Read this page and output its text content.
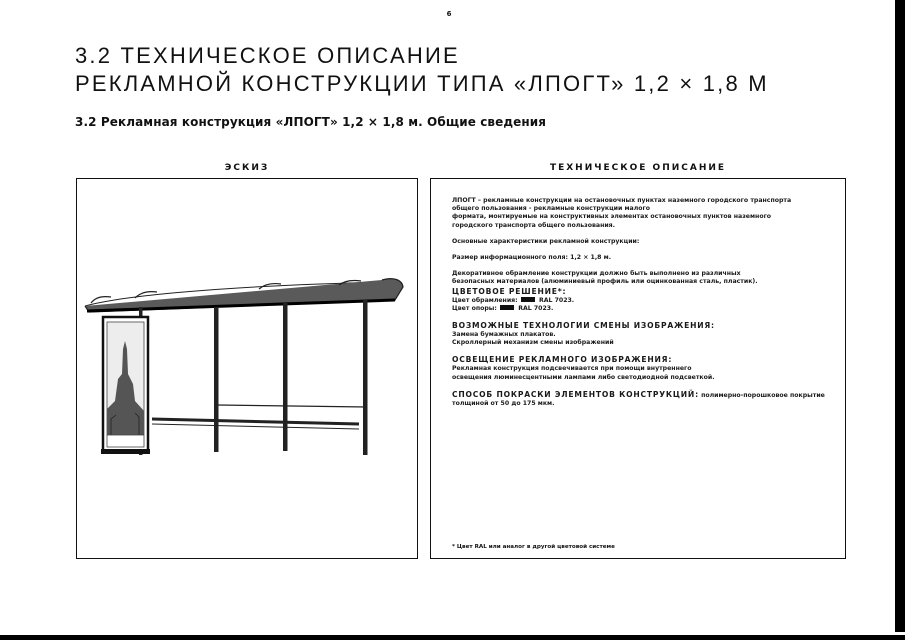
6
3.2 ТЕХНИЧЕСКОЕ ОПИСАНИЕ
РЕКЛАМНОЙ КОНСТРУКЦИИ ТИПА «ЛПОГТ» 1,2 × 1,8 М
3.2 Рекламная конструкция «ЛПОГТ» 1,2 × 1,8 м. Общие сведения
ЭСКИЗ	ТЕХНИЧЕСКОЕ ОПИСАНИЕ

ЛПОГТ – рекламные конструкции на остановочных пунктах наземного городского транспорта

общего пользования - рекламные конструкции малого

формата, монтируемые на конструктивных элементах остановочных пунктов наземного

городского транспорта общего пользования.

Основные характеристики рекламной конструкции:

Размер информационного поля: 1,2 × 1,8 м.

Декоративное обрамление конструкции должно быть выполнено из различных

безопасных материалов (алюминиевый профиль или оцинкованная сталь, пластик).

ЦВЕТОВОЕ РЕШЕНИЕ*:

Цвет обрамления:	RAL 7023.

Цвет опоры:	RAL 7023.

ВОЗМОЖНЫЕ ТЕХНОЛОГИИ СМЕНЫ ИЗОБРАЖЕНИЯ:

Замена бумажных плакатов.

Скроллерный механизм смены изображений

ОСВЕЩЕНИЕ РЕКЛАМНОГО ИЗОБРАЖЕНИЯ:

Рекламная конструкция подсвечивается при помощи внутреннего

освещения люминесцентными лампами либо светодиодной подсветкой.

СПОСОБ ПОКРАСКИ ЭЛЕМЕНТОВ КОНСТРУКЦИЙ: полимерно-порошковое покрытие

толщиной от 50 до 175 мкм.

* Цвет RAL или аналог в другой цветовой системе
